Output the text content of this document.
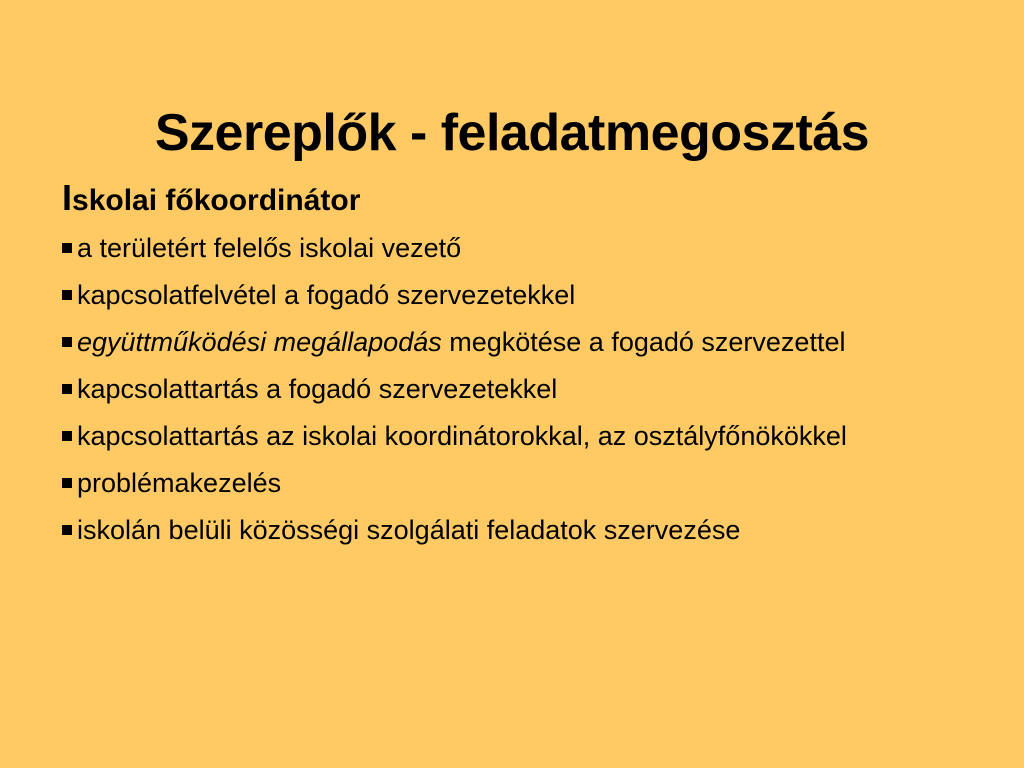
Szereplők - feladatmegosztás
Iskolai főkoordinátor
a területért felelős iskolai vezető
kapcsolatfelvétel a fogadó szervezetekkel
együttműködési megállapodás megkötése a fogadó szervezettel
kapcsolattartás a fogadó szervezetekkel
kapcsolattartás az iskolai koordinátorokkal, az osztályfőnökökkel
problémakezelés
iskolán belüli közösségi szolgálati feladatok szervezése
